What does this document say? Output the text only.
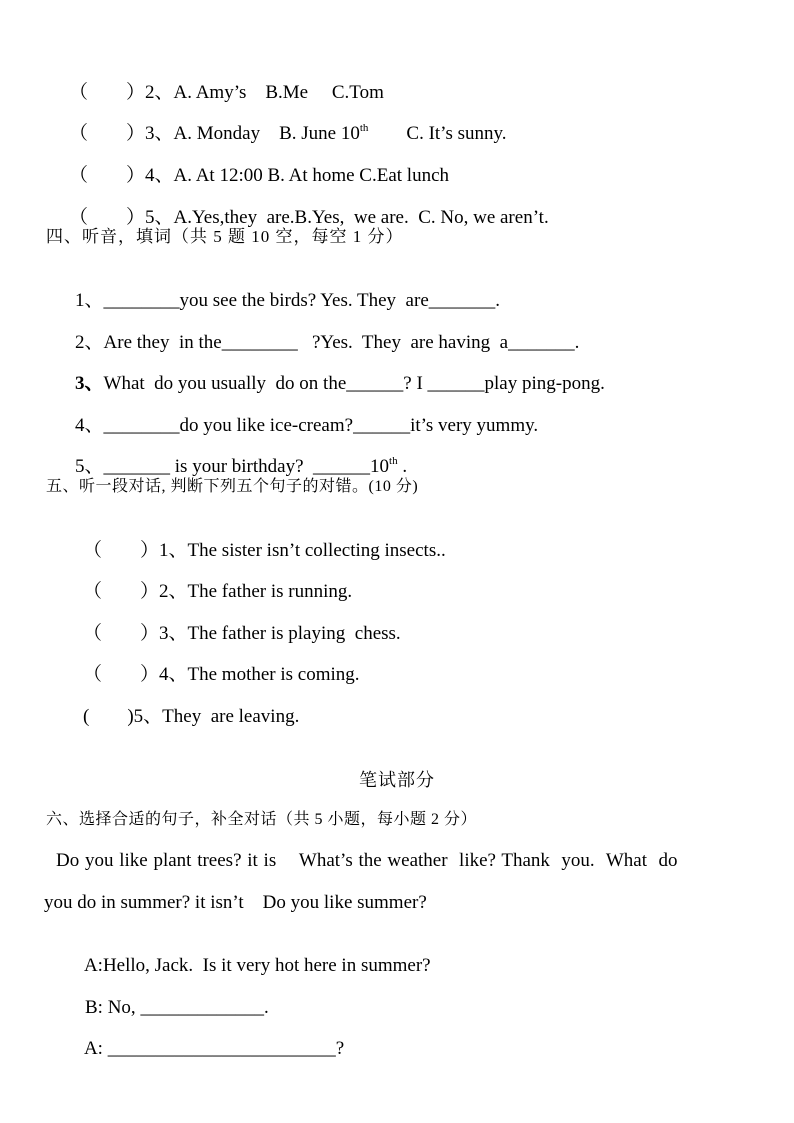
（　　）2、A. Amy’s    B.Me     C.Tom

（　　）3、A. Monday    B. June 10th        C. It’s sunny.

（　　）4、A. At 12:00 B. At home C.Eat lunch

（　　）5、A.Yes,they  are.B.Yes,  we are.  C. No, we aren’t.

四、听音，填词（共 5 题 10 空，每空 1 分）

1、________you see the birds? Yes. They  are_______.

2、Are they  in the________   ?Yes.  They  are having  a_______.

3、What  do you usually  do on the______? I ______play ping-pong.

4、________do you like ice-cream?______it’s very yummy.

5、_______ is your birthday?  ______10th .

五、听一段对话, 判断下列五个句子的对错。(10 分)

（　　）1、The sister isn’t collecting insects..

（　　）2、The father is running.

（　　）3、The father is playing  chess.

（　　）4、The mother is coming.

(　　)5、They  are leaving.

笔试部分
六、选择合适的句子，补全对话（共 5 小题，每小题 2 分）
Do you like plant trees? it is    What’s the weather  like? Thank  you.  What  do
you do in summer? it isn’t    Do you like summer?

A:Hello, Jack.  Is it very hot here in summer?

B: No, _____________.

A: ________________________?
